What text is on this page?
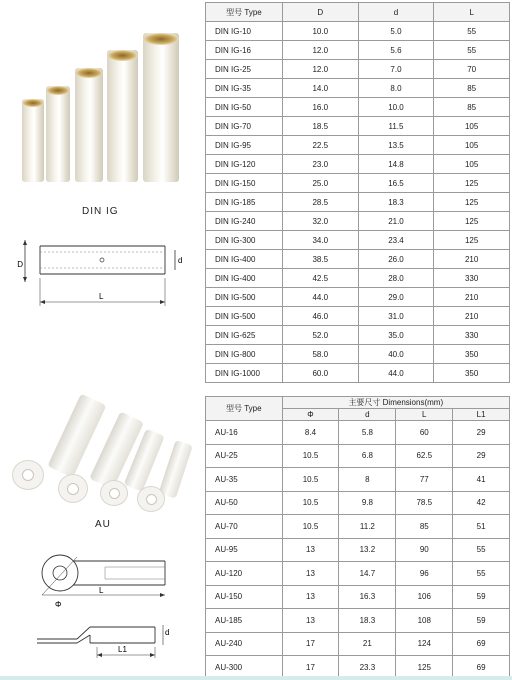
DIN IG
D	d
L
AU
Φ
L
d
L1
型号 Type	D	d	L
DIN IG-10	10.0	5.0	55
DIN IG-16	12.0	5.6	55
DIN IG-25	12.0	7.0	70
DIN IG-35	14.0	8.0	85
DIN IG-50	16.0	10.0	85
DIN IG-70	18.5	11.5	105
DIN IG-95	22.5	13.5	105
DIN IG-120	23.0	14.8	105
DIN IG-150	25.0	16.5	125
DIN IG-185	28.5	18.3	125
DIN IG-240	32.0	21.0	125
DIN IG-300	34.0	23.4	125
DIN IG-400	38.5	26.0	210
DIN IG-400	42.5	28.0	330
DIN IG-500	44.0	29.0	210
DIN IG-500	46.0	31.0	210
DIN IG-625	52.0	35.0	330
DIN IG-800	58.0	40.0	350
DIN IG-1000	60.0	44.0	350
型号 Type	主要尺寸 Dimensions(mm)			
	Φ	d	L	L1
AU-16	8.4	5.8	60	29
AU-25	10.5	6.8	62.5	29
AU-35	10.5	8	77	41
AU-50	10.5	9.8	78.5	42
AU-70	10.5	11.2	85	51
AU-95	13	13.2	90	55
AU-120	13	14.7	96	55
AU-150	13	16.3	106	59
AU-185	13	18.3	108	59
AU-240	17	21	124	69
AU-300	17	23.3	125	69
